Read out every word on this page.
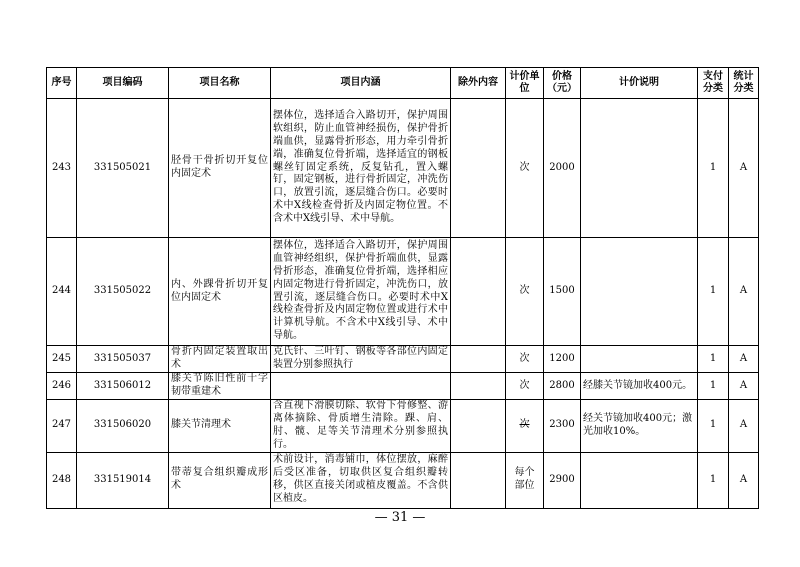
序号	项目编码	项目名称	项目内涵	除外内容	计价单位	价格（元）	计价说明	支付分类	统计分类
243	331505021	胫骨干骨折切开复位内固定术	摆体位，选择适合入路切开，保护周围软组织，防止血管神经损伤，保护骨折端血供，显露骨折形态，用力牵引骨折端，准确复位骨折端，选择适宜的钢板螺丝钉固定系统，反复钻孔，置入螺钉，固定钢板，进行骨折固定，冲洗伤口，放置引流，逐层缝合伤口。必要时术中X线检查骨折及内固定物位置。不含术中X线引导、术中导航。		次	2000		1	A
244	331505022	内、外踝骨折切开复位内固定术	摆体位，选择适合入路切开，保护周围血管神经组织，保护骨折端血供，显露骨折形态，准确复位骨折端，选择相应内固定物进行骨折固定，冲洗伤口，放置引流，逐层缝合伤口。必要时术中X线检查骨折及内固定物位置或进行术中计算机导航。不含术中X线引导、术中导航。		次	1500		1	A
245	331505037	骨折内固定装置取出术	克氏针、三叶钉、钢板等各部位内固定装置分别参照执行		次	1200		1	A
246	331506012	膝关节陈旧性前十字韧带重建术			次	2800	经膝关节镜加收400元。	1	A
247	331506020	膝关节清理术	含直视下滑膜切除、软骨下骨修整、游离体摘除、骨质增生清除。踝、肩、肘、髋、足等关节清理术分别参照执行。		次	2300	经关节镜加收400元；激光加收10%。	1	A
248	331519014	带蒂复合组织瓣成形术	术前设计，消毒铺巾，体位摆放，麻醉后受区准备，切取供区复合组织瓣转移，供区直接关闭或植皮覆盖。不含供区植皮。		每个部位	2900		1	A
— 31 —
